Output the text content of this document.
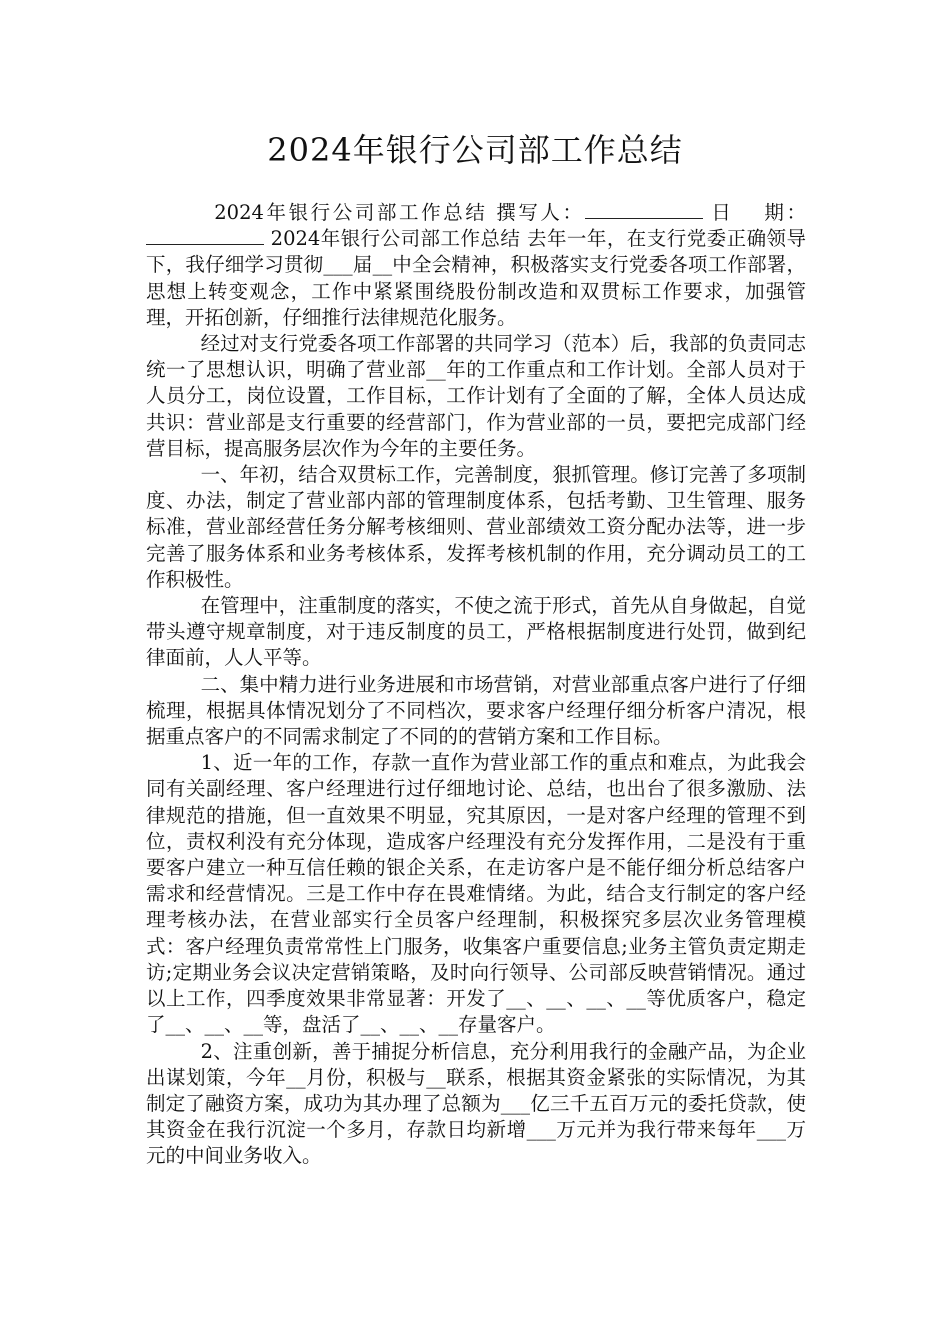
2024年银行公司部工作总结

2024年银行公司部工作总结 撰写人：	日　 期： 2024年银行公司部工作总结 去年一年，在支行党委正确领导下，我仔细学习贯彻___届__中全会精神，积极落实支行党委各项工作部署，思想上转变观念，工作中紧紧围绕股份制改造和双贯标工作要求，加强管理，开拓创新，仔细推行法律规范化服务。

经过对支行党委各项工作部署的共同学习（范本）后，我部的负责同志统一了思想认识，明确了营业部__年的工作重点和工作计划。全部人员对于人员分工，岗位设置，工作目标，工作计划有了全面的了解，全体人员达成共识：营业部是支行重要的经营部门，作为营业部的一员，要把完成部门经营目标，提高服务层次作为今年的主要任务。

一、年初，结合双贯标工作，完善制度，狠抓管理。修订完善了多项制度、办法，制定了营业部内部的管理制度体系，包括考勤、卫生管理、服务标准，营业部经营任务分解考核细则、营业部绩效工资分配办法等，进一步完善了服务体系和业务考核体系，发挥考核机制的作用，充分调动员工的工作积极性。

在管理中，注重制度的落实，不使之流于形式，首先从自身做起，自觉带头遵守规章制度，对于违反制度的员工，严格根据制度进行处罚，做到纪律面前，人人平等。

二、集中精力进行业务进展和市场营销，对营业部重点客户进行了仔细梳理，根据具体情况划分了不同档次，要求客户经理仔细分析客户清况，根据重点客户的不同需求制定了不同的的营销方案和工作目标。

1、近一年的工作，存款一直作为营业部工作的重点和难点，为此我会同有关副经理、客户经理进行过仔细地讨论、总结，也出台了很多激励、法律规范的措施，但一直效果不明显，究其原因，一是对客户经理的管理不到位，责权利没有充分体现，造成客户经理没有充分发挥作用，二是没有于重要客户建立一种互信任赖的银企关系，在走访客户是不能仔细分析总结客户需求和经营情况。三是工作中存在畏难情绪。为此，结合支行制定的客户经理考核办法，在营业部实行全员客户经理制，积极探究多层次业务管理模式：客户经理负责常常性上门服务，收集客户重要信息;业务主管负责定期走访;定期业务会议决定营销策略，及时向行领导、公司部反映营销情况。通过以上工作，四季度效果非常显著：开发了__、__、__、__等优质客户，稳定了__、__、__等，盘活了__、__、__存量客户。

2、注重创新，善于捕捉分析信息，充分利用我行的金融产品，为企业出谋划策，今年__月份，积极与__联系，根据其资金紧张的实际情况，为其制定了融资方案，成功为其办理了总额为___亿三千五百万元的委托贷款，使其资金在我行沉淀一个多月，存款日均新增___万元并为我行带来每年___万元的中间业务收入。
